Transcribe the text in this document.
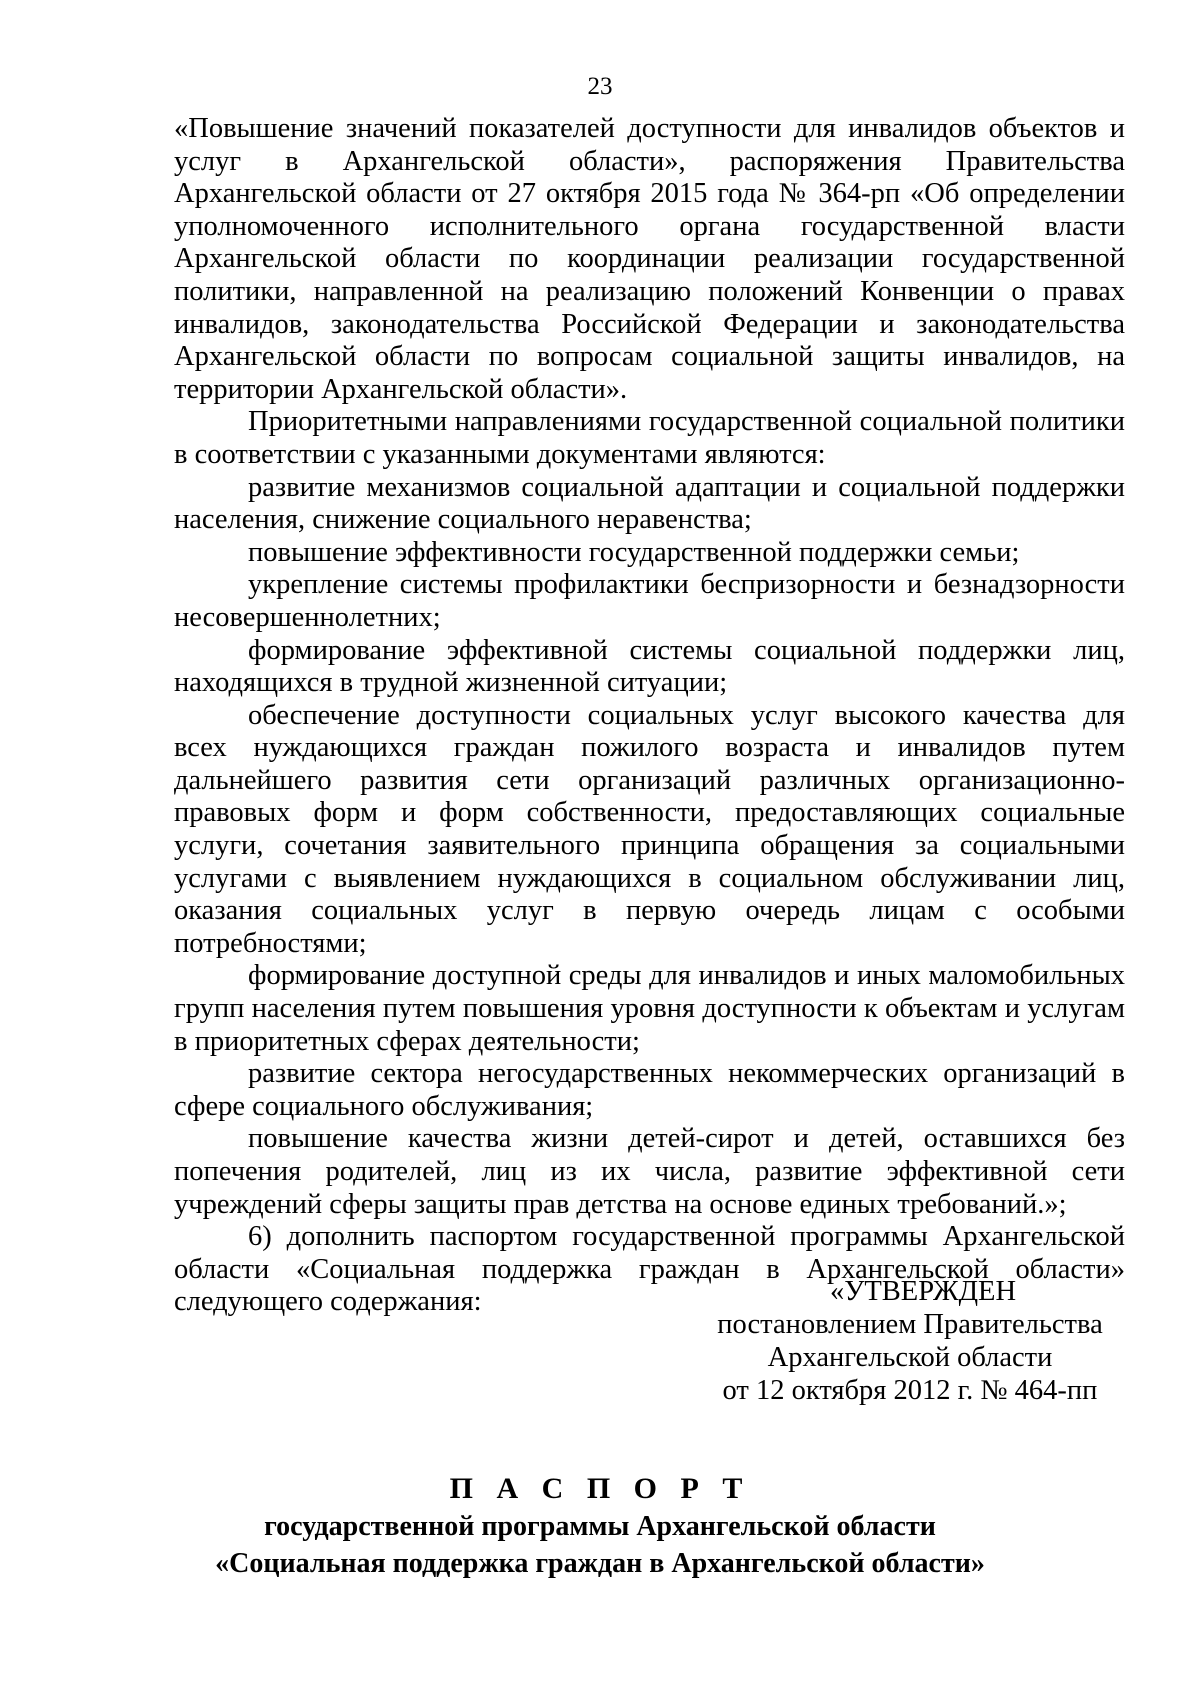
23

«Повышение значений показателей доступности для инвалидов объектов и услуг в Архангельской области», распоряжения Правительства Архангельской области от 27 октября 2015 года № 364-рп «Об определении уполномоченного исполнительного органа государственной власти Архангельской области по координации реализации государственной политики, направленной на реализацию положений Конвенции о правах инвалидов, законодательства Российской Федерации и законодательства Архангельской области по вопросам социальной защиты инвалидов, на территории Архангельской области».

Приоритетными направлениями государственной социальной политики в соответствии с указанными документами являются:

развитие механизмов социальной адаптации и социальной поддержки населения, снижение социального неравенства;

повышение эффективности государственной поддержки семьи;

укрепление системы профилактики беспризорности и безнадзорности несовершеннолетних;

формирование эффективной системы социальной поддержки лиц, находящихся в трудной жизненной ситуации;

обеспечение доступности социальных услуг высокого качества для всех нуждающихся граждан пожилого возраста и инвалидов путем дальнейшего развития сети организаций различных организационно-правовых форм и форм собственности, предоставляющих социальные услуги, сочетания заявительного принципа обращения за социальными услугами с выявлением нуждающихся в социальном обслуживании лиц, оказания социальных услуг в первую очередь лицам с особыми потребностями;

формирование доступной среды для инвалидов и иных маломобильных групп населения путем повышения уровня доступности к объектам и услугам в приоритетных сферах деятельности;

развитие сектора негосударственных некоммерческих организаций в сфере социального обслуживания;

повышение качества жизни детей-сирот и детей, оставшихся без попечения родителей, лиц из их числа, развитие эффективной сети учреждений сферы защиты прав детства на основе единых требований.»;

6) дополнить паспортом государственной программы Архангельской области «Социальная поддержка граждан в Архангельской области» следующего содержания:	«УТВЕРЖДЕН
постановлением Правительства
Архангельской области
от 12 октября 2012 г. № 464-пп
П А С П О Р Т
государственной программы Архангельской области
«Социальная поддержка граждан в Архангельской области»
